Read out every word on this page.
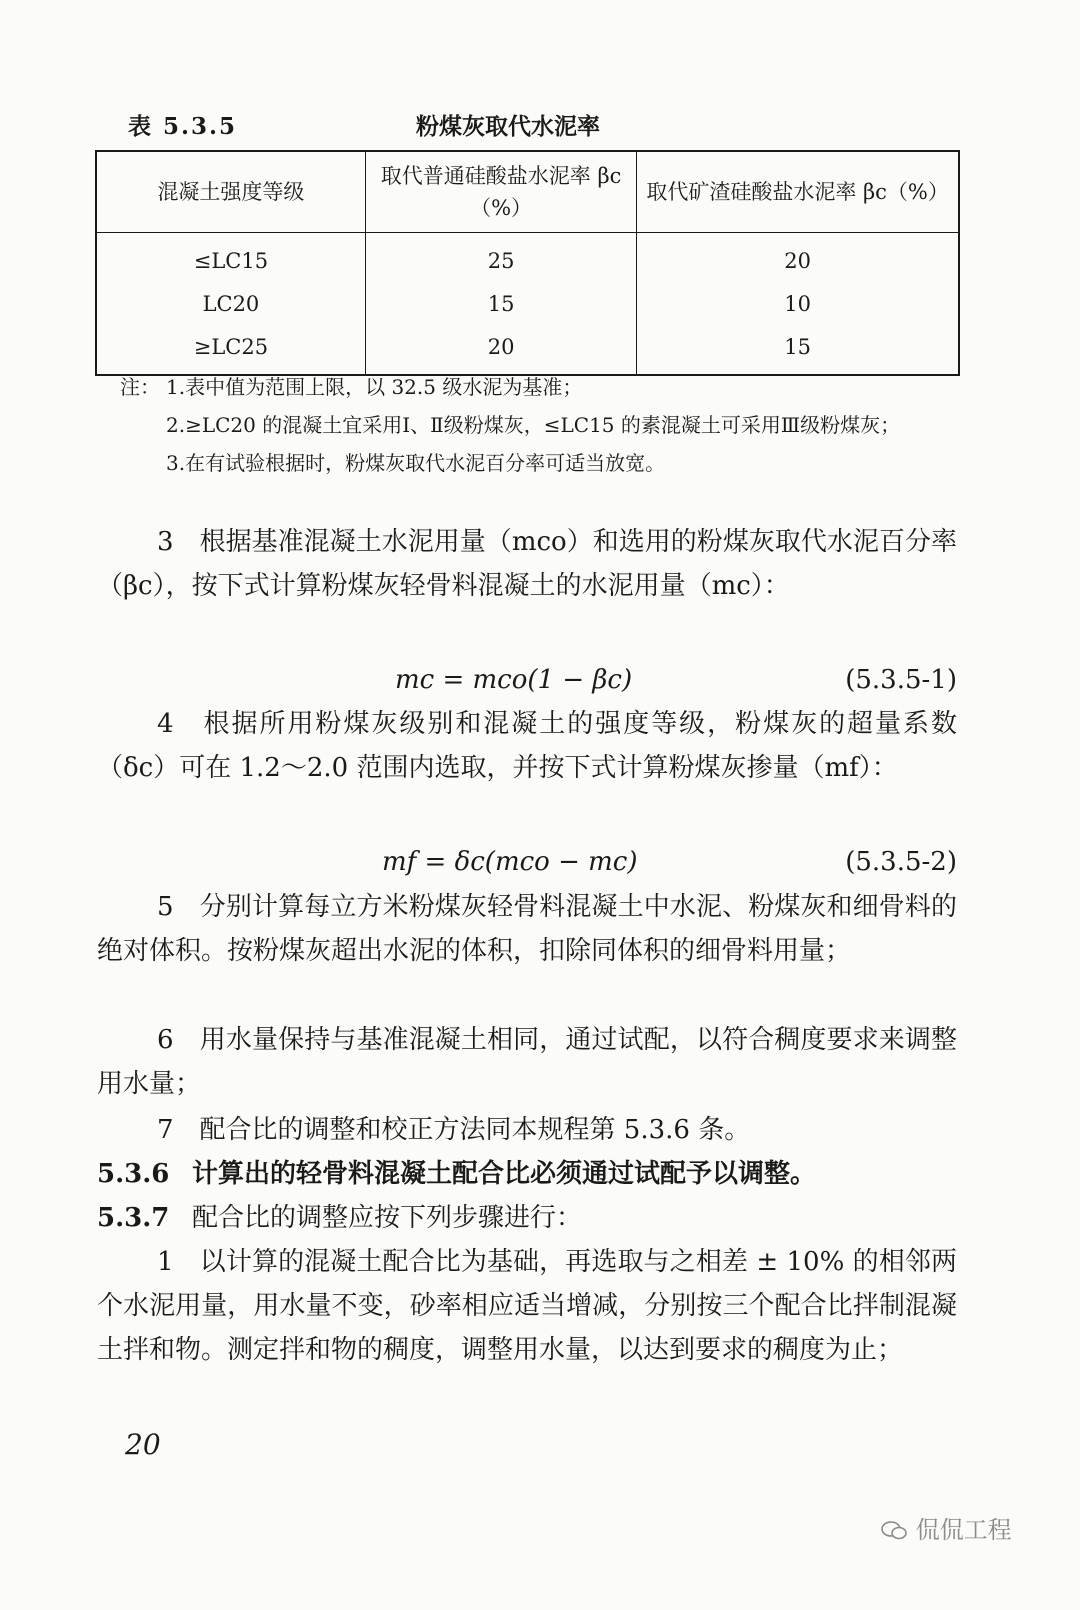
表 5.3.5	粉煤灰取代水泥率
混凝土强度等级	取代普通硅酸盐水泥率 βc（%）	取代矿渣硅酸盐水泥率 βc（%）
≤LC15	25	20
LC20	15	10
≥LC25	20	15
注： 1.表中值为范围上限，以 32.5 级水泥为基准；
2.≥LC20 的混凝土宜采用Ⅰ、Ⅱ级粉煤灰，≤LC15 的素混凝土可采用Ⅲ级粉煤灰；
3.在有试验根据时，粉煤灰取代水泥百分率可适当放宽。

3　根据基准混凝土水泥用量（mco）和选用的粉煤灰取代水泥百分率（βc），按下式计算粉煤灰轻骨料混凝土的水泥用量（mc）：

mc = mco(1 − βc)	(5.3.5-1)

4　根据所用粉煤灰级别和混凝土的强度等级，粉煤灰的超量系数（δc）可在 1.2～2.0 范围内选取，并按下式计算粉煤灰掺量（mf）：

mf = δc(mco − mc)	(5.3.5-2)

5　分别计算每立方米粉煤灰轻骨料混凝土中水泥、粉煤灰和细骨料的绝对体积。按粉煤灰超出水泥的体积，扣除同体积的细骨料用量；

6　用水量保持与基准混凝土相同，通过试配，以符合稠度要求来调整用水量；

7　配合比的调整和校正方法同本规程第 5.3.6 条。

5.3.6 计算出的轻骨料混凝土配合比必须通过试配予以调整。

5.3.7 配合比的调整应按下列步骤进行：

1　以计算的混凝土配合比为基础，再选取与之相差 ± 10% 的相邻两个水泥用量，用水量不变，砂率相应适当增减，分别按三个配合比拌制混凝土拌和物。测定拌和物的稠度，调整用水量，以达到要求的稠度为止；

20
侃侃工程
